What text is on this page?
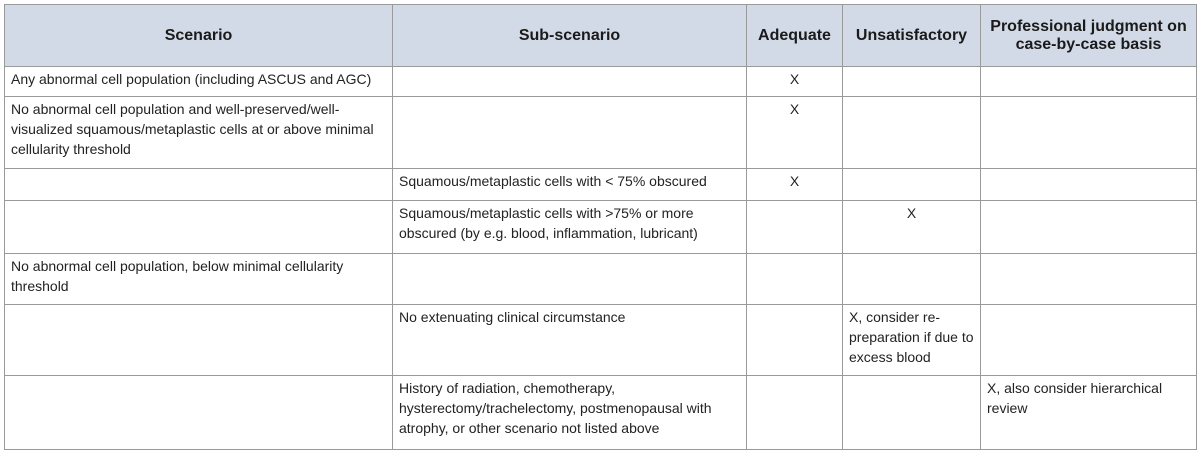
Scenario	Sub-scenario	Adequate	Unsatisfactory	Professional judgment on case-by-case basis
Any abnormal cell population (including ASCUS and AGC)		X		
No abnormal cell population and well-preserved/well-visualized squamous/metaplastic cells at or above minimal cellularity threshold		X		
	Squamous/metaplastic cells with < 75% obscured	X		
	Squamous/metaplastic cells with >75% or more obscured (by e.g. blood, inflammation, lubricant)		X	
No abnormal cell population, below minimal cellularity threshold				
	No extenuating clinical circumstance		X, consider re-preparation if due to excess blood	
	History of radiation, chemotherapy, hysterectomy/trachelectomy, postmenopausal with atrophy, or other scenario not listed above			X, also consider hierarchical review
